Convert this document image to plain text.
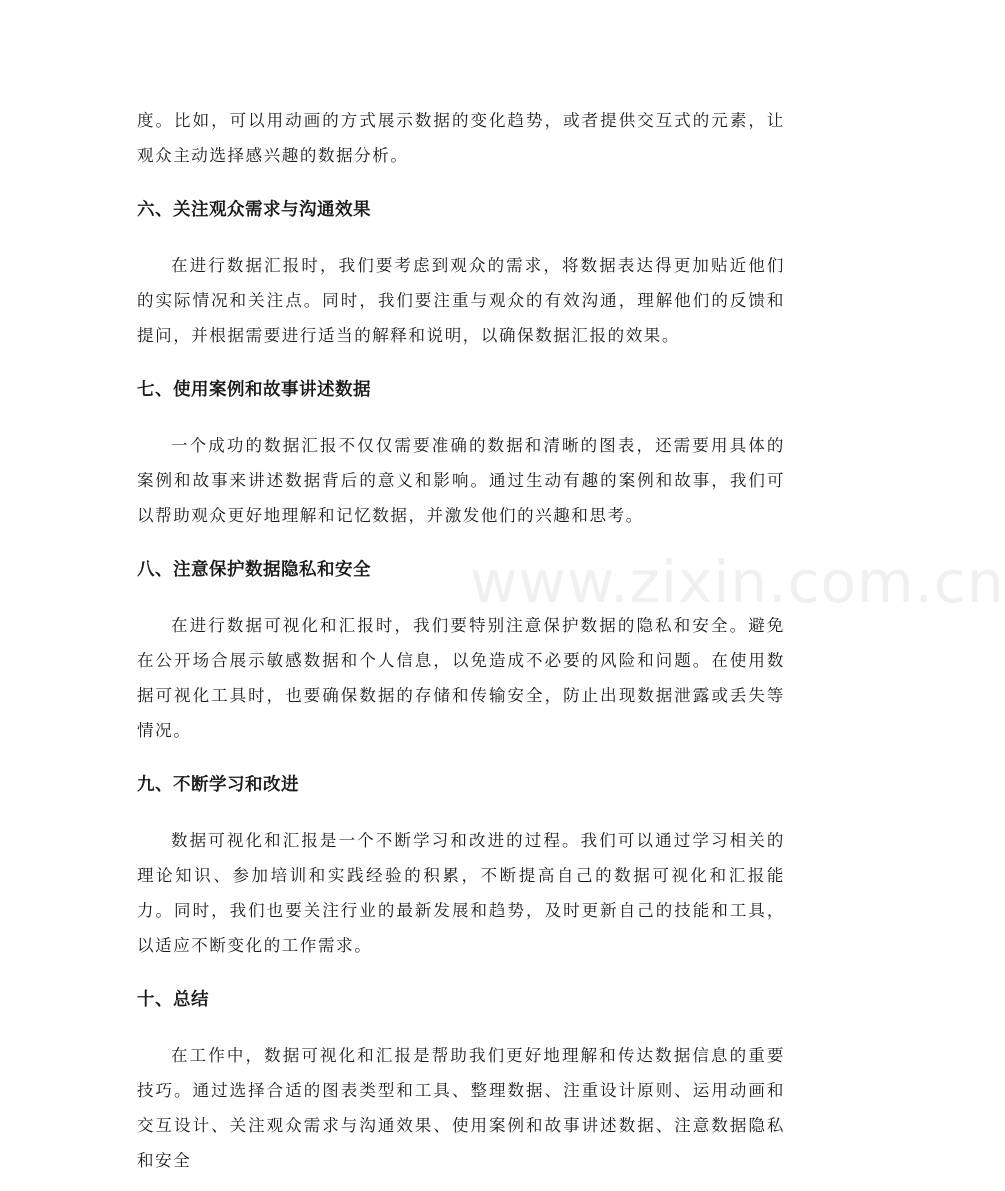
度。比如，可以用动画的方式展示数据的变化趋势，或者提供交互式的元素，让观众主动选择感兴趣的数据分析。

六、关注观众需求与沟通效果

在进行数据汇报时，我们要考虑到观众的需求，将数据表达得更加贴近他们的实际情况和关注点。同时，我们要注重与观众的有效沟通，理解他们的反馈和提问，并根据需要进行适当的解释和说明，以确保数据汇报的效果。

七、使用案例和故事讲述数据

一个成功的数据汇报不仅仅需要准确的数据和清晰的图表，还需要用具体的案例和故事来讲述数据背后的意义和影响。通过生动有趣的案例和故事，我们可以帮助观众更好地理解和记忆数据，并激发他们的兴趣和思考。

八、注意保护数据隐私和安全

在进行数据可视化和汇报时，我们要特别注意保护数据的隐私和安全。避免在公开场合展示敏感数据和个人信息，以免造成不必要的风险和问题。在使用数据可视化工具时，也要确保数据的存储和传输安全，防止出现数据泄露或丢失等情况。

九、不断学习和改进

数据可视化和汇报是一个不断学习和改进的过程。我们可以通过学习相关的理论知识、参加培训和实践经验的积累，不断提高自己的数据可视化和汇报能力。同时，我们也要关注行业的最新发展和趋势，及时更新自己的技能和工具，以适应不断变化的工作需求。

十、总结

在工作中，数据可视化和汇报是帮助我们更好地理解和传达数据信息的重要技巧。通过选择合适的图表类型和工具、整理数据、注重设计原则、运用动画和交互设计、关注观众需求与沟通效果、使用案例和故事讲述数据、注意数据隐私和安全

www.zixin.com.cn
